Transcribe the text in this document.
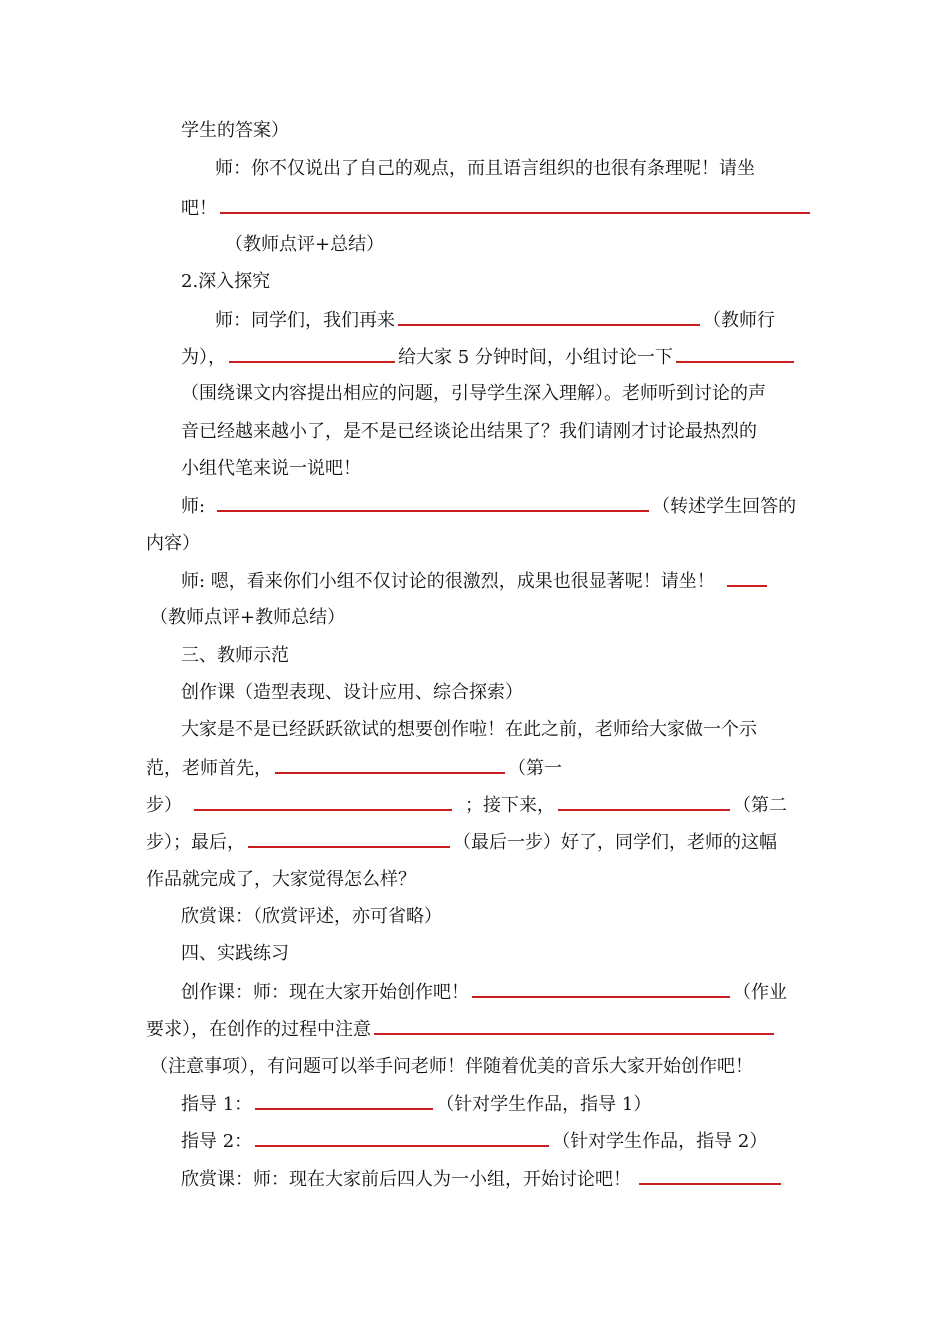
学生的答案）
师：你不仅说出了自己的观点，而且语言组织的也很有条理呢！请坐
吧！
（教师点评+总结）
2.深入探究
师：同学们，我们再来	（教师行
为），	给大家 5 分钟时间，小组讨论一下
（围绕课文内容提出相应的问题，引导学生深入理解）。老师听到讨论的声
音已经越来越小了，是不是已经谈论出结果了？我们请刚才讨论最热烈的
小组代笔来说一说吧！
师:	（转述学生回答的
内容）
师: 嗯，看来你们小组不仅讨论的很激烈，成果也很显著呢！请坐！
（教师点评+教师总结）
三、教师示范
创作课（造型表现、设计应用、综合探索）
大家是不是已经跃跃欲试的想要创作啦！在此之前，老师给大家做一个示
范，老师首先，	（第一
步）	；接下来，	（第二
步）；最后，	（最后一步）好了，同学们，老师的这幅
作品就完成了，大家觉得怎么样？
欣赏课：（欣赏评述，亦可省略）
四、实践练习
创作课：师：现在大家开始创作吧！	（作业
要求），在创作的过程中注意
（注意事项），有问题可以举手问老师！伴随着优美的音乐大家开始创作吧！
指导 1：	（针对学生作品，指导 1）
指导 2：	（针对学生作品，指导 2）
欣赏课：师：现在大家前后四人为一小组，开始讨论吧！
